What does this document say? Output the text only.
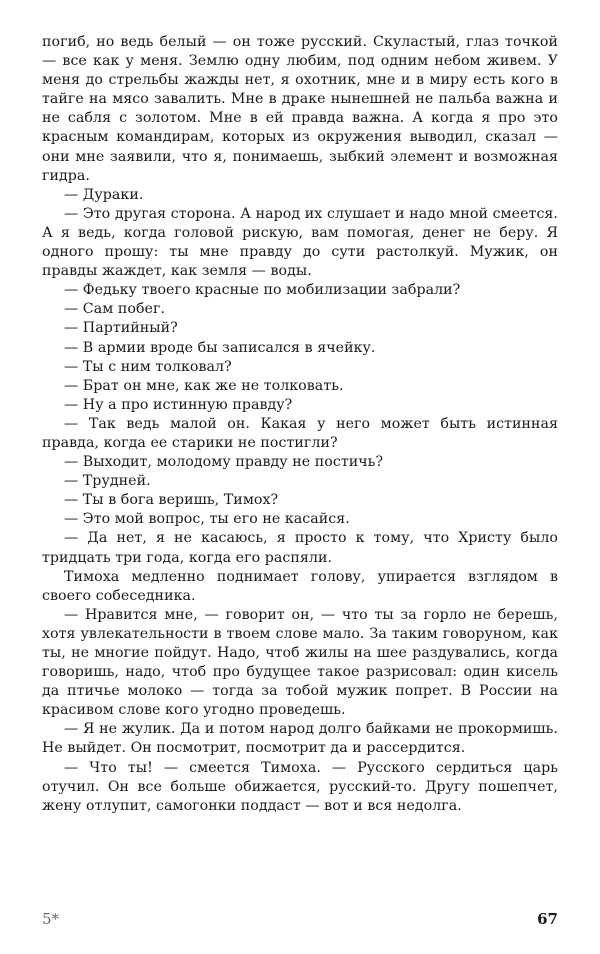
погиб, но ведь белый — он тоже русский. Скуластый, глаз точкой — все как у меня. Землю одну любим, под одним небом живем. У меня до стрельбы жажды нет, я охотник, мне и в миру есть кого в тайге на мясо завалить. Мне в драке нынешней не пальба важна и не сабля с золотом. Мне в ей правда важна. А когда я про это красным командирам, которых из окружения выводил, сказал — они мне заявили, что я, понимаешь, зыбкий элемент и возможная гидра.

— Дураки.

— Это другая сторона. А народ их слушает и надо мной смеется. А я ведь, когда головой рискую, вам помогая, денег не беру. Я одного прошу: ты мне правду до сути растолкуй. Мужик, он правды жаждет, как земля — воды.

— Федьку твоего красные по мобилизации забрали?

— Сам побег.

— Партийный?

— В армии вроде бы записался в ячейку.

— Ты с ним толковал?

— Брат он мне, как же не толковать.

— Ну а про истинную правду?

— Так ведь малой он. Какая у него может быть истинная правда, когда ее старики не постигли?

— Выходит, молодому правду не постичь?

— Трудней.

— Ты в бога веришь, Тимох?

— Это мой вопрос, ты его не касайся.

— Да нет, я не касаюсь, я просто к тому, что Христу было тридцать три года, когда его распяли.

Тимоха медленно поднимает голову, упирается взглядом в своего собеседника.

— Нравится мне, — говорит он, — что ты за горло не берешь, хотя увлекательности в твоем слове мало. За таким говоруном, как ты, не многие пойдут. Надо, чтоб жилы на шее раздувались, когда говоришь, надо, чтоб про будущее такое разрисовал: один кисель да птичье молоко — тогда за тобой мужик попрет. В России на красивом слове кого угодно проведешь.

— Я не жулик. Да и потом народ долго байками не прокормишь. Не выйдет. Он посмотрит, посмотрит да и рассердится.

— Что ты! — смеется Тимоха. — Русского сердиться царь отучил. Он все больше обижается, русский-то. Другу пошепчет, жену отлупит, самогонки поддаст — вот и вся недолга.

5*	67
